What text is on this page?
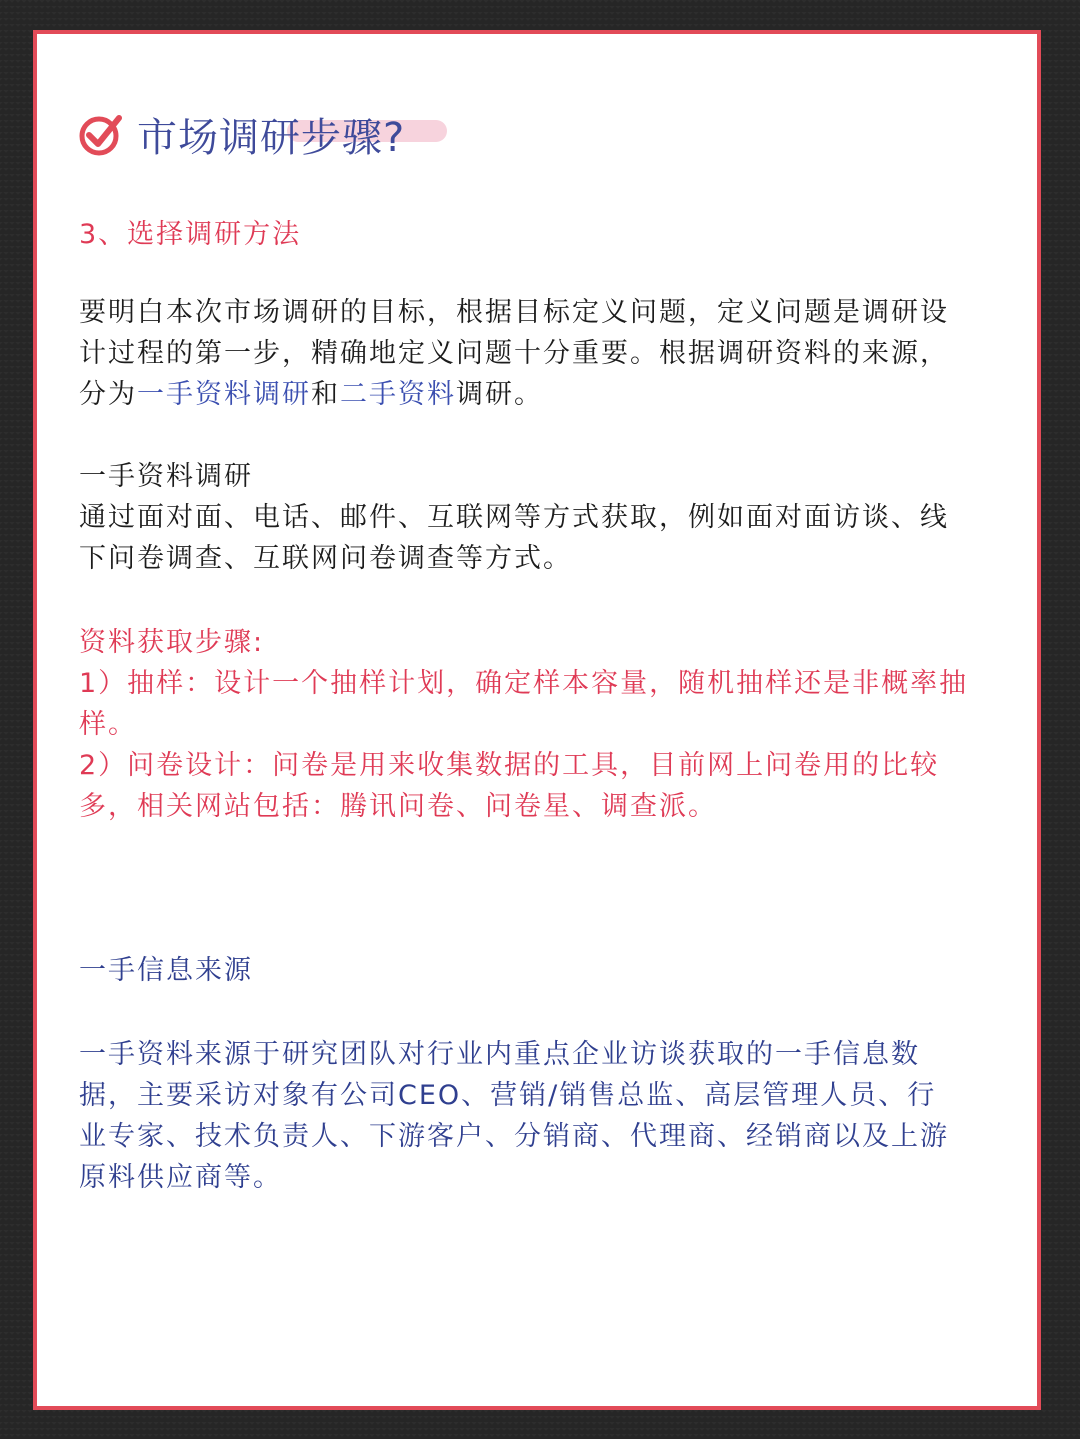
市场调研步骤?
3、选择调研方法
要明白本次市场调研的目标，根据目标定义问题，定义问题是调研设
计过程的第一步，精确地定义问题十分重要。根据调研资料的来源，
分为一手资料调研和二手资料调研。
一手资料调研
通过面对面、电话、邮件、互联网等方式获取，例如面对面访谈、线
下问卷调查、互联网问卷调查等方式。
资料获取步骤:
1）抽样：设计一个抽样计划，确定样本容量，随机抽样还是非概率抽
样。
2）问卷设计：问卷是用来收集数据的工具，目前网上问卷用的比较
多，相关网站包括：腾讯问卷、问卷星、调查派。
一手信息来源
一手资料来源于研究团队对行业内重点企业访谈获取的一手信息数
据，主要采访对象有公司CEO、营销/销售总监、高层管理人员、行
业专家、技术负责人、下游客户、分销商、代理商、经销商以及上游
原料供应商等。
